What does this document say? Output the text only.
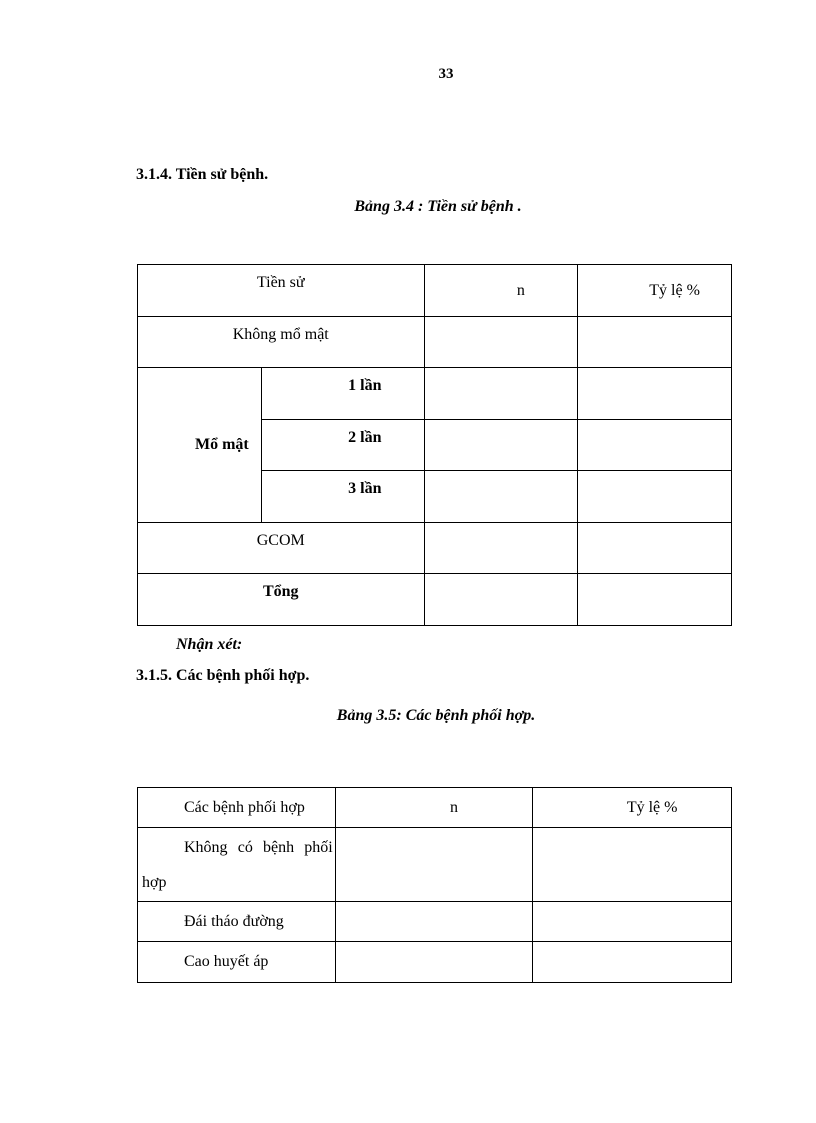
33
3.1.4. Tiền sử bệnh.
Bảng 3.4 : Tiền sử bệnh .
Tiền sử		n	Tỷ lệ %
Không mổ mật			
Mổ mật	1 lần		
	2 lần		
	3 lần		
GCOM			
Tổng			
Nhận xét:
3.1.5. Các bệnh phối hợp.
Bảng 3.5: Các bệnh phối hợp.
Các bệnh phối hợp	n	Tỷ lệ %
Không có bệnh phối hợp		
Đái tháo đường		
Cao huyết áp		
